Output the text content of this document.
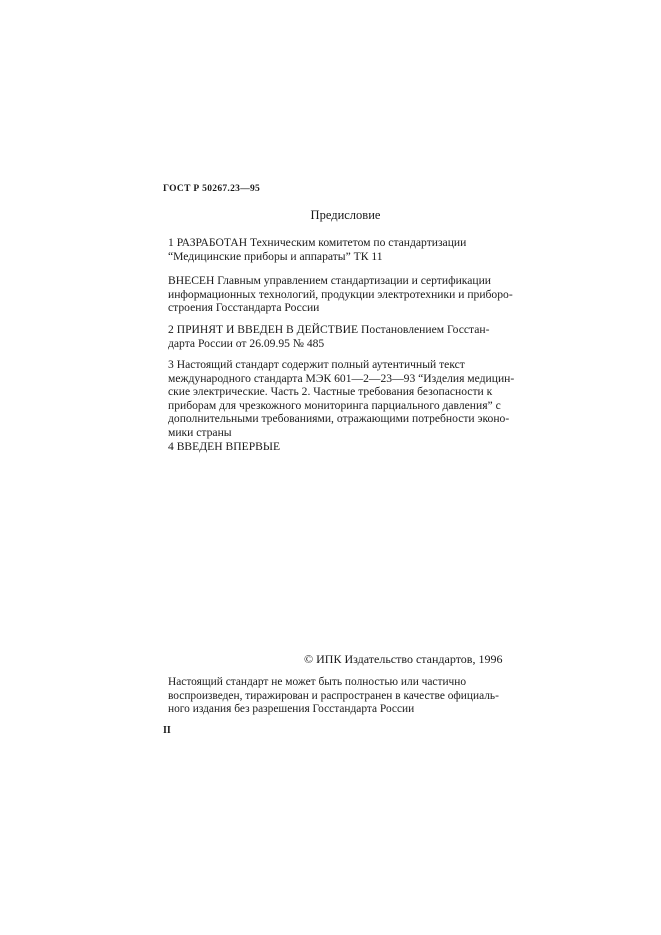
ГОСТ Р 50267.23—95
Предисловие
1 РАЗРАБОТАН Техническим комитетом по стандартизации
“Медицинские приборы и аппараты” ТК 11
ВНЕСЕН Главным управлением стандартизации и сертификации
информационных технологий, продукции электротехники и приборо-
строения Госстандарта России
2 ПРИНЯТ И ВВЕДЕН В ДЕЙСТВИЕ Постановлением Госстан-
дарта России от 26.09.95 № 485
3 Настоящий стандарт содержит полный аутентичный текст
международного стандарта МЭК 601—2—23—93 “Изделия медицин-
ские электрические. Часть 2. Частные требования безопасности к
приборам для чрезкожного мониторинга парциального давления” с
дополнительными требованиями, отражающими потребности эконо-
мики страны
4 ВВЕДЕН ВПЕРВЫЕ
© ИПК Издательство стандартов, 1996
Настоящий стандарт не может быть полностью или частично
воспроизведен, тиражирован и распространен в качестве официаль-
ного издания без разрешения Госстандарта России
II
